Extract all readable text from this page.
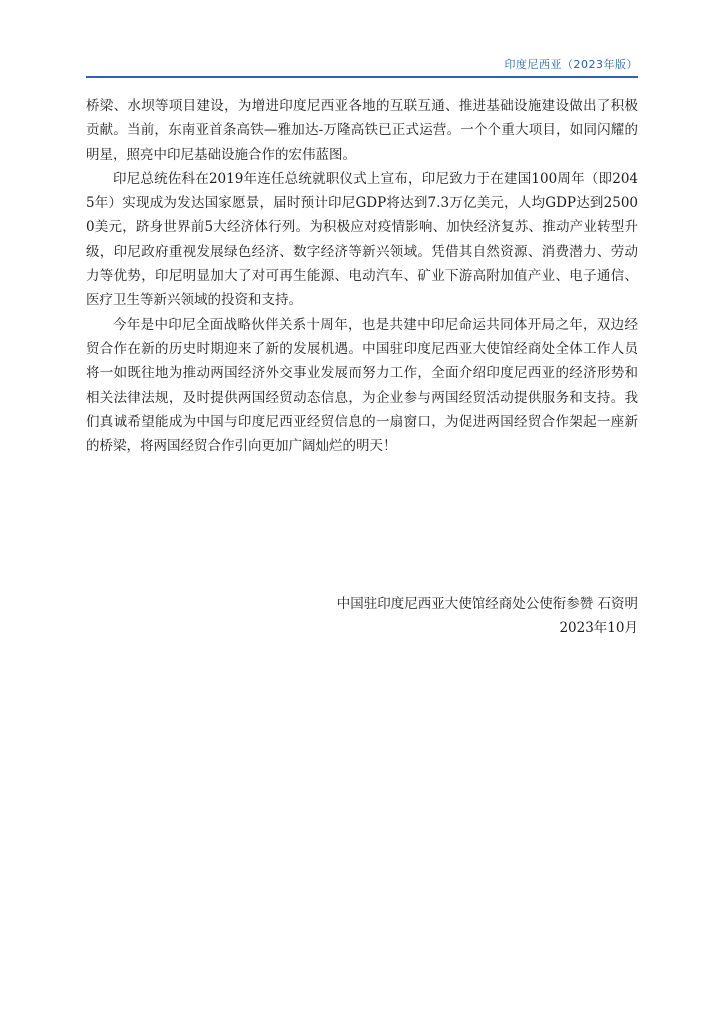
印度尼西亚（2023年版）

桥梁、水坝等项目建设，为增进印度尼西亚各地的互联互通、推进基础设施建设做出了积极贡献。当前，东南亚首条高铁—雅加达-万隆高铁已正式运营。一个个重大项目，如同闪耀的明星，照亮中印尼基础设施合作的宏伟蓝图。

印尼总统佐科在2019年连任总统就职仪式上宣布，印尼致力于在建国100周年（即2045年）实现成为发达国家愿景，届时预计印尼GDP将达到7.3万亿美元，人均GDP达到25000美元，跻身世界前5大经济体行列。为积极应对疫情影响、加快经济复苏、推动产业转型升级，印尼政府重视发展绿色经济、数字经济等新兴领域。凭借其自然资源、消费潜力、劳动力等优势，印尼明显加大了对可再生能源、电动汽车、矿业下游高附加值产业、电子通信、医疗卫生等新兴领域的投资和支持。

今年是中印尼全面战略伙伴关系十周年，也是共建中印尼命运共同体开局之年，双边经贸合作在新的历史时期迎来了新的发展机遇。中国驻印度尼西亚大使馆经商处全体工作人员将一如既往地为推动两国经济外交事业发展而努力工作，全面介绍印度尼西亚的经济形势和相关法律法规，及时提供两国经贸动态信息，为企业参与两国经贸活动提供服务和支持。我们真诚希望能成为中国与印度尼西亚经贸信息的一扇窗口，为促进两国经贸合作架起一座新的桥梁，将两国经贸合作引向更加广阔灿烂的明天！

中国驻印度尼西亚大使馆经商处公使衔参赞 石资明
2023年10月
